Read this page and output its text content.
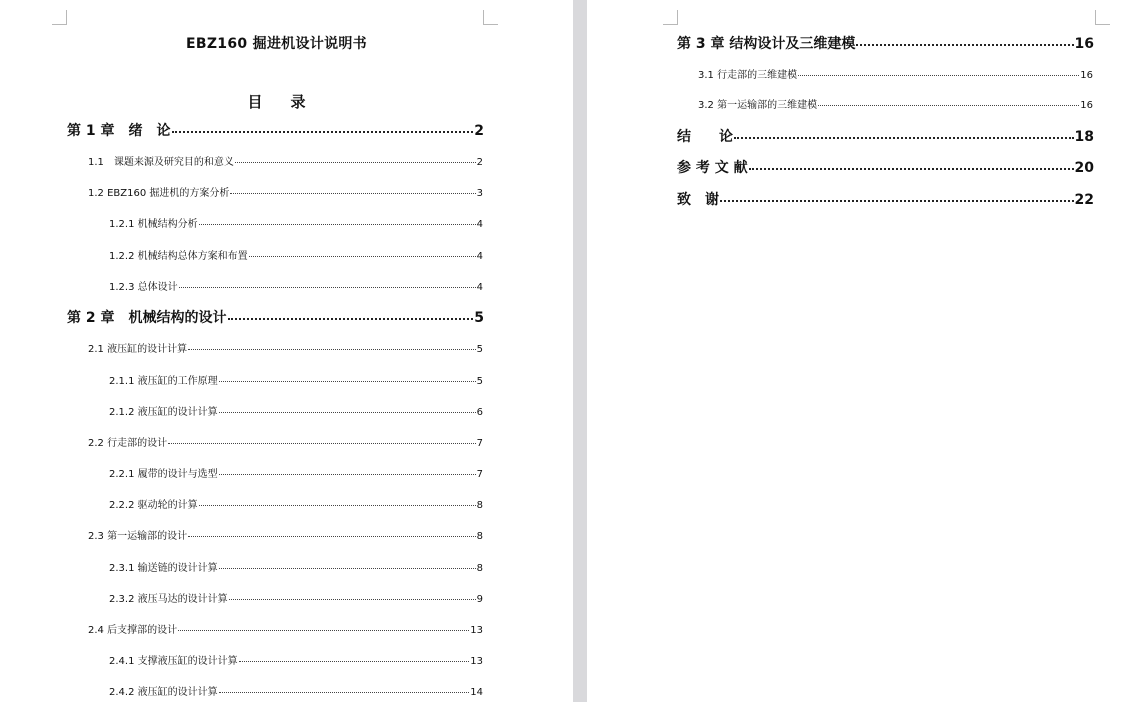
EBZ160 掘进机设计说明书
目录
第 1 章　绪　论	2
1.1　课题来源及研究目的和意义	2
1.2 EBZ160 掘进机的方案分析	3
1.2.1 机械结构分析	4
1.2.2 机械结构总体方案和布置	4
1.2.3 总体设计	4
第 2 章　机械结构的设计	5
2.1 液压缸的设计计算	5
2.1.1 液压缸的工作原理	5
2.1.2 液压缸的设计计算	6
2.2 行走部的设计	7
2.2.1 履带的设计与选型	7
2.2.2 驱动轮的计算	8
2.3 第一运输部的设计	8
2.3.1 输送链的设计计算	8
2.3.2 液压马达的设计计算	9
2.4 后支撑部的设计	13
2.4.1 支撑液压缸的设计计算	13
2.4.2 液压缸的设计计算	14
第 3 章 结构设计及三维建模	16
3.1 行走部的三维建模	16
3.2 第一运输部的三维建模	16
结　　论	18
参 考 文 献	20
致　谢	22
